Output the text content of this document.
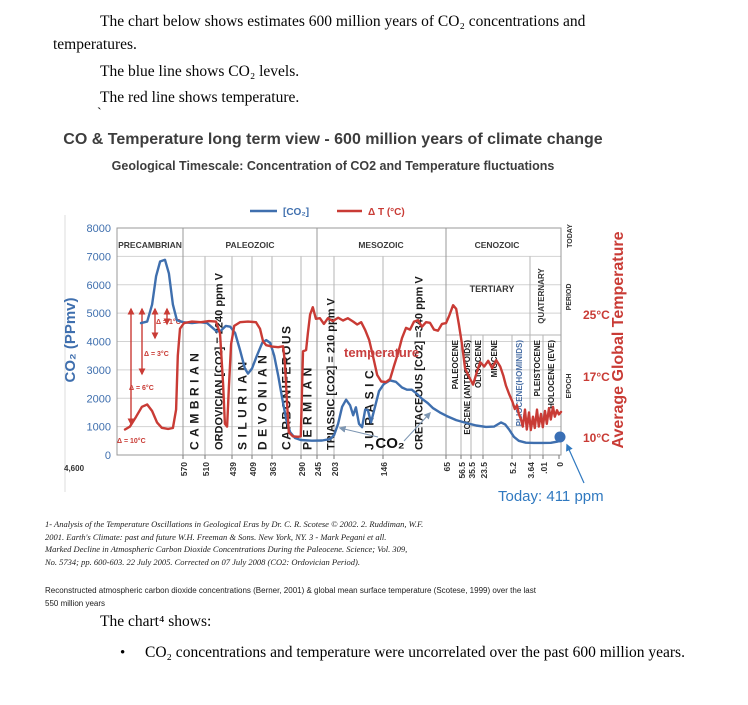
The chart below shows estimates 600 million years of CO₂ concentrations and
temperatures.
The blue line shows CO₂ levels.
The red line shows temperature.
`
CO & Temperature long term view - 600 million years of climate change
Geological Timescale: Concentration of CO2 and Temperature fluctuations
4,600	570 510 439 409 363 290 245 203	146	65 56.5 35.5 23.5 5.2 3.64 .01 0
0
1000
2000
3000
4000
5000
6000
7000
8000
CO₂ (PPmv)	25°C
17°C
10°C Average Global Temperature
PRECAMBRIAN	PALEOZOIC	MESOZOIC	CENOZOIC
TERTIARY	QUATERNARY
CAMBRIAN ORDOVICIAN [CO2] = 2240 ppm V SILURIAN DEVONIAN CARBONIFEROUS PERMIAN TRIASSIC [CO2] = 210 ppm V JURASIC	CRETACEOUS [CO2] =340 ppm V	PALEOCENE EOCENE (ANTROPOIDS) OLIGOCENE MIOCENE PLIOCENE(HOMINIDS) PLEISTOCENE HOLOCENE (EVE)
TODAY
PERIOD
EPOCH
[CO₂]	Δ T (°C)
Δ = 10°C
Δ = 6°C
Δ = 3°C
Δ = 1°C
temperature
CO₂
Today: 411 ppm
1- Analysis of the Temperature Oscillations in Geological Eras by Dr. C. R. Scotese © 2002. 2. Ruddiman, W.F.
2001. Earth's Climate: past and future W.H. Freeman & Sons. New York, NY. 3 - Mark Pegani et all.
Marked Decline in Atmospheric Carbon Dioxide Concentrations During the Paleocene. Science; Vol. 309,
No. 5734; pp. 600-603. 22 July 2005. Corrected on 07 July 2008 (CO2: Ordovician Period).
Reconstructed atmospheric carbon dioxide concentrations (Berner, 2001) & global mean surface temperature (Scotese, 1999) over the last
550 million years
The chart⁴ shows:
• CO₂ concentrations and temperature were uncorrelated over the past 600 million years.
